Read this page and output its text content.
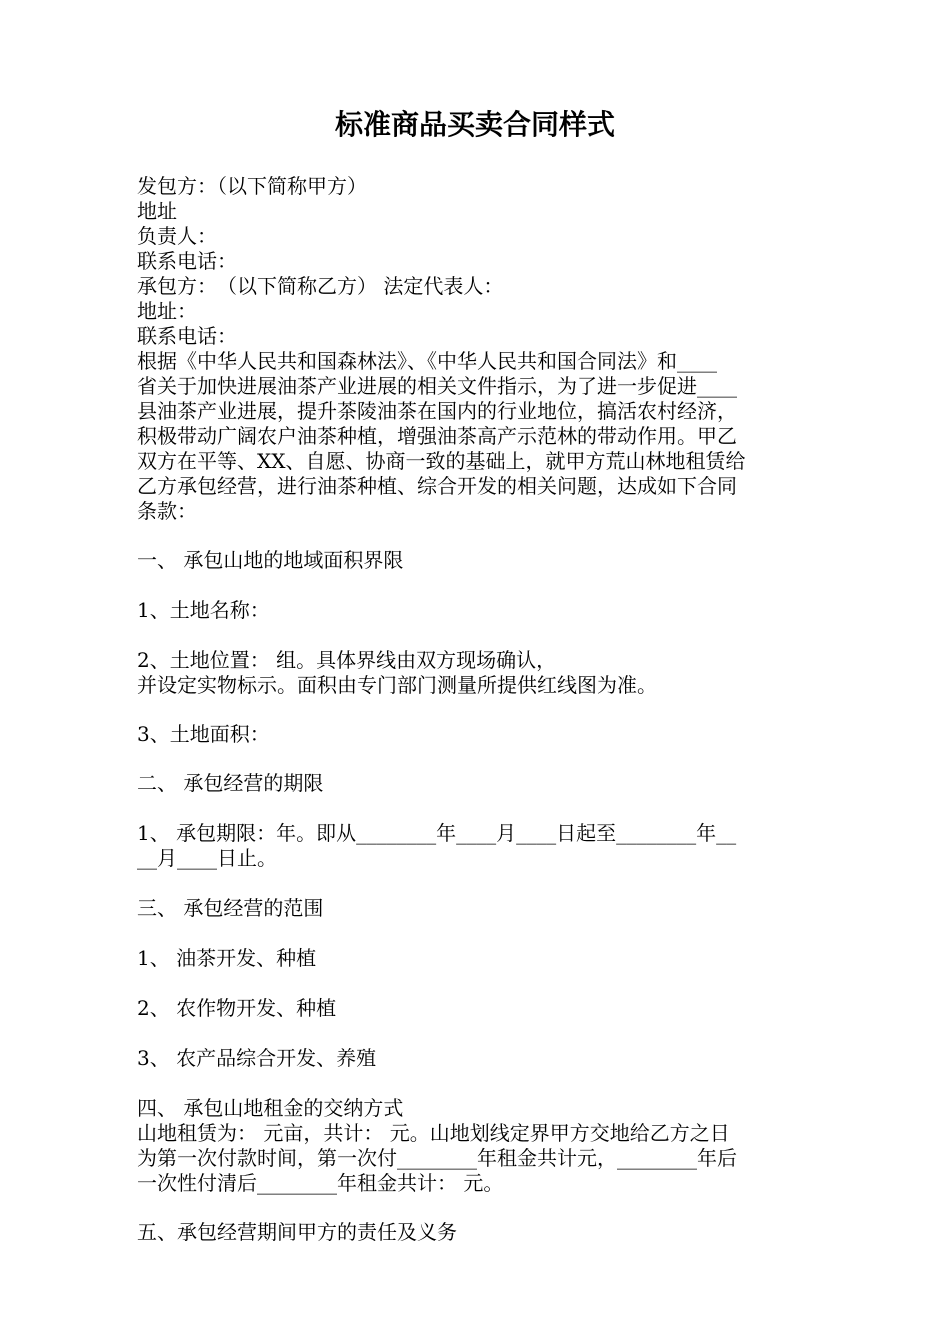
标准商品买卖合同样式
发包方：（以下简称甲方）
地址
负责人：
联系电话：
承包方：　（以下简称乙方） 法定代表人：
地址：
联系电话：
根据《中华人民共和国森林法》、《中华人民共和国合同法》和____
省关于加快进展油茶产业进展的相关文件指示，为了进一步促进____
县油茶产业进展，提升茶陵油茶在国内的行业地位，搞活农村经济，
积极带动广阔农户油茶种植，增强油茶高产示范林的带动作用。甲乙
双方在平等、XX、自愿、协商一致的基础上，就甲方荒山林地租赁给
乙方承包经营，进行油茶种植、综合开发的相关问题，达成如下合同
条款：
一、 承包山地的地域面积界限
1、土地名称：
2、土地位置： 组。具体界线由双方现场确认，
并设定实物标示。面积由专门部门测量所提供红线图为准。
3、土地面积：
二、 承包经营的期限
1、 承包期限：年。即从________年____月____日起至________年__
__月____日止。
三、 承包经营的范围
1、 油茶开发、种植
2、 农作物开发、种植
3、 农产品综合开发、养殖
四、 承包山地租金的交纳方式
山地租赁为： 元亩，共计： 元。山地划线定界甲方交地给乙方之日
为第一次付款时间，第一次付________年租金共计元，________年后
一次性付清后________年租金共计： 元。
五、承包经营期间甲方的责任及义务
